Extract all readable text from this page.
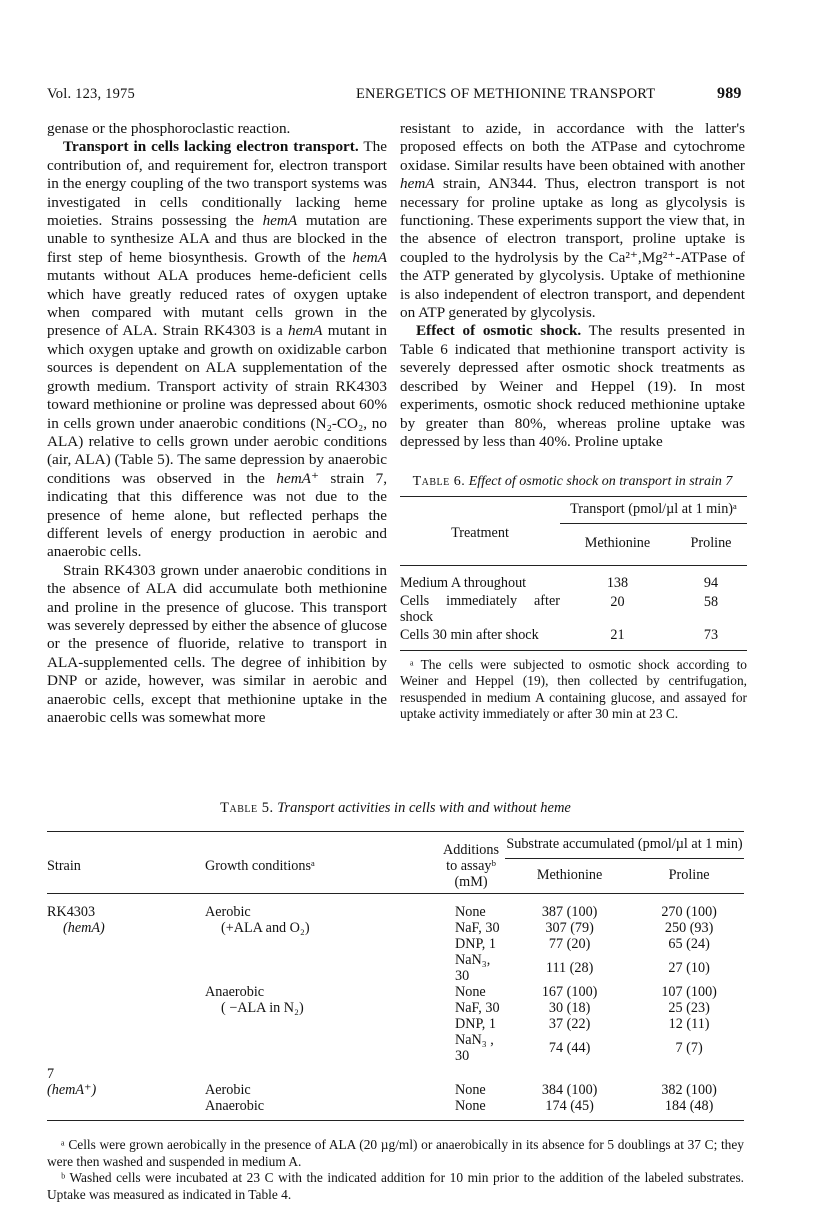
Vol. 123, 1975	ENERGETICS OF METHIONINE TRANSPORT	989

genase or the phosphoroclastic reaction.

Transport in cells lacking electron transport. The contribution of, and requirement for, electron transport in the energy coupling of the two transport systems was investigated in cells conditionally lacking heme moieties. Strains possessing the hemA mutation are unable to synthesize ALA and thus are blocked in the first step of heme biosynthesis. Growth of the hemA mutants without ALA produces heme-deficient cells which have greatly reduced rates of oxygen uptake when compared with mutant cells grown in the presence of ALA. Strain RK4303 is a hemA mutant in which oxygen uptake and growth on oxidizable carbon sources is dependent on ALA supplementation of the growth medium. Transport activity of strain RK4303 toward methionine or proline was depressed about 60% in cells grown under anaerobic conditions (N₂-CO₂, no ALA) relative to cells grown under aerobic conditions (air, ALA) (Table 5). The same depression by anaerobic conditions was observed in the hemA⁺ strain 7, indicating that this difference was not due to the presence of heme alone, but reflected perhaps the different levels of energy production in aerobic and anaerobic cells.

Strain RK4303 grown under anaerobic conditions in the absence of ALA did accumulate both methionine and proline in the presence of glucose. This transport was severely depressed by either the absence of glucose or the presence of fluoride, relative to transport in ALA-supplemented cells. The degree of inhibition by DNP or azide, however, was similar in aerobic and anaerobic cells, except that methionine uptake in the anaerobic cells was somewhat more

resistant to azide, in accordance with the latter's proposed effects on both the ATPase and cytochrome oxidase. Similar results have been obtained with another hemA strain, AN344. Thus, electron transport is not necessary for proline uptake as long as glycolysis is functioning. These experiments support the view that, in the absence of electron transport, proline uptake is coupled to the hydrolysis by the Ca²⁺,Mg²⁺-ATPase of the ATP generated by glycolysis. Uptake of methionine is also independent of electron transport, and dependent on ATP generated by glycolysis.

Effect of osmotic shock. The results presented in Table 6 indicated that methionine transport activity is severely depressed after osmotic shock treatments as described by Weiner and Heppel (19). In most experiments, osmotic shock reduced methionine uptake by greater than 80%, whereas proline uptake was depressed by less than 40%. Proline uptake

Table 6. Effect of osmotic shock on transport in strain 7
Treatment	Transport (pmol/µl at 1 min)ᵃ	
	Methionine	Proline
Medium A throughout	138	94
Cells immediately after shock	20	58
Cells 30 min after shock	21	73
ᵃ The cells were subjected to osmotic shock according to Weiner and Heppel (19), then collected by centrifugation, resuspended in medium A containing glucose, and assayed for uptake activity immediately or after 30 min at 23 C.		
Table 5. Transport activities in cells with and without heme
Strain	Growth conditionsᵃ	Additions to assayᵇ (mM)	Substrate accumulated (pmol/µl at 1 min)	
			Methionine	Proline
RK4303	Aerobic	None	387 (100)	270 (100)
(hemA)	(+ALA and O₂)	NaF, 30	307 (79)	250 (93)
		DNP, 1	77 (20)	65 (24)
		NaN₃, 30	111 (28)	27 (10)
	Anaerobic	None	167 (100)	107 (100)
	( −ALA in N₂)	NaF, 30	30 (18)	25 (23)
		DNP, 1	37 (22)	12 (11)
		NaN₃ , 30	74 (44)	7 (7)
7				
(hemA⁺)	Aerobic	None	384 (100)	382 (100)
	Anaerobic	None	174 (45)	184 (48)

ᵃ Cells were grown aerobically in the presence of ALA (20 µg/ml) or anaerobically in its absence for 5 doublings at 37 C; they were then washed and suspended in medium A.
ᵇ Washed cells were incubated at 23 C with the indicated addition for 10 min prior to the addition of the labeled substrates. Uptake was measured as indicated in Table 4.
